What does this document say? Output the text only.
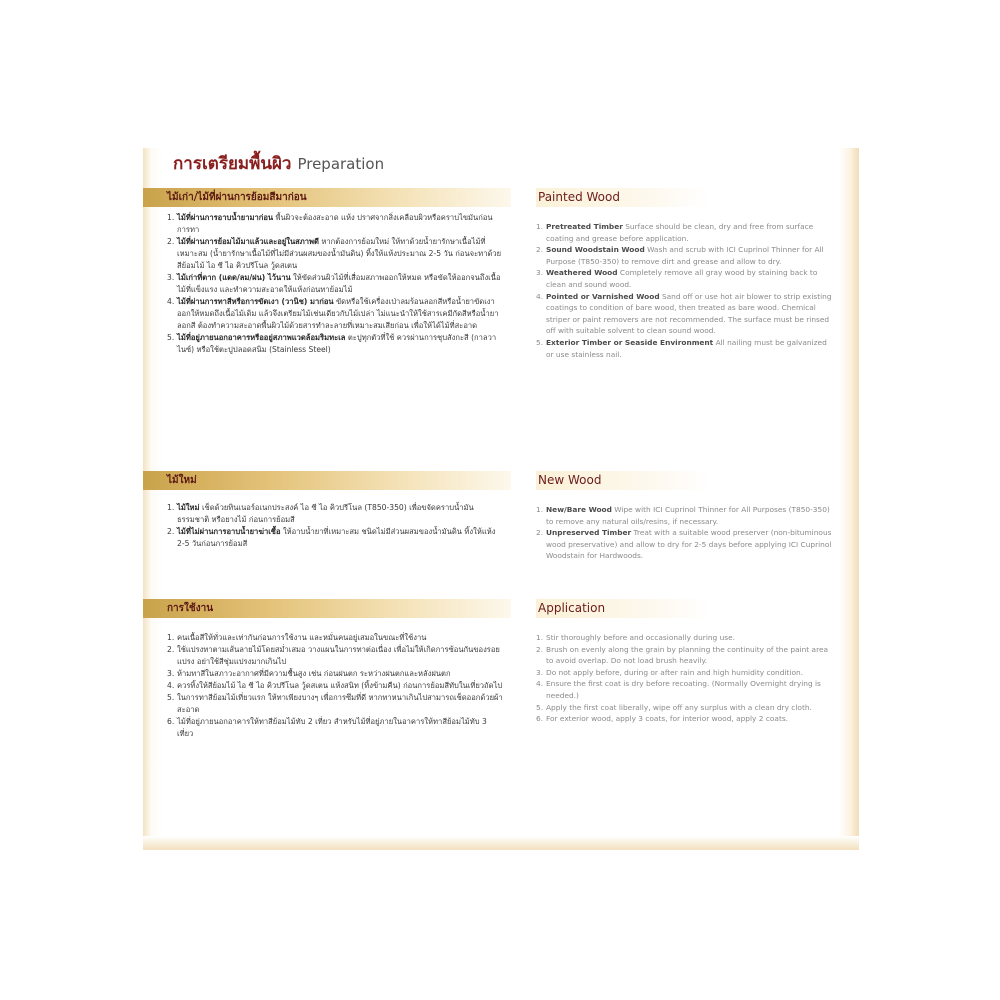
การเตรียมพื้นผิว Preparation
ไม้เก่า/ไม้ที่ผ่านการย้อมสีมาก่อน	Painted Wood
1. ไม้ที่ผ่านการอาบน้ำยามาก่อน พื้นผิวจะต้องสะอาด แห้ง ปราศจากสิ่งเคลือบผิวหรือคราบไขมันก่อนการทา
2. ไม้ที่ผ่านการย้อมไม้มาแล้วและอยู่ในสภาพดี หากต้องการย้อมใหม่ ให้ทาด้วยน้ำยารักษาเนื้อไม้ที่เหมาะสม (น้ำยารักษาเนื้อไม้ที่ไม่มีส่วนผสมของน้ำมันดิน) ทิ้งให้แห้งประมาณ 2-5 วัน ก่อนจะทาด้วยสีย้อมไม้ ไอ ซี ไอ คิวปรีโนล วู้ดสเตน
3. ไม้เก่าที่ตาก (แดด/ลม/ฝน) ไว้นาน ให้ขัดส่วนผิวไม้ที่เสื่อมสภาพออกให้หมด หรือขัดให้ออกจนถึงเนื้อไม้ที่แข็งแรง และทำความสะอาดให้แห้งก่อนทาย้อมไม้
4. ไม้ที่ผ่านการทาสีหรือการขัดเงา (วานิช) มาก่อน ขัดหรือใช้เครื่องเป่าลมร้อนลอกสีหรือน้ำยาขัดเงาออกให้หมดถึงเนื้อไม้เดิม แล้วจึงเตรียมไม้เช่นเดียวกับไม้เปล่า ไม่แนะนำให้ใช้สารเคมีกัดสีหรือน้ำยาลอกสี ต้องทำความสะอาดพื้นผิวไม้ด้วยสารทำละลายที่เหมาะสมเสียก่อน เพื่อให้ได้ไม้ที่สะอาด
5. ไม้ที่อยู่ภายนอกอาคารหรืออยู่สภาพแวดล้อมริมทะเล ตะปูทุกตัวที่ใช้ ควรผ่านการชุบสังกะสี (กาลวาไนซ์) หรือใช้ตะปูปลอดสนิม (Stainless Steel)
1. Pretreated Timber Surface should be clean, dry and free from surface coating and grease before application.
2. Sound Woodstain Wood Wash and scrub with ICI Cuprinol Thinner for All Purpose (T850-350) to remove dirt and grease and allow to dry.
3. Weathered Wood Completely remove all gray wood by staining back to clean and sound wood.
4. Pointed or Varnished Wood Sand off or use hot air blower to strip existing coatings to condition of bare wood, then treated as bare wood. Chemical striper or paint removers are not recommended. The surface must be rinsed off with suitable solvent to clean sound wood.
5. Exterior Timber or Seaside Environment All nailing must be galvanized or use stainless nail.
ไม้ใหม่	New Wood
1. ไม้ใหม่ เช็ดด้วยทินเนอร์อเนกประสงค์ ไอ ซี ไอ คิวปรีโนล (T850-350) เพื่อขจัดคราบน้ำมันธรรมชาติ หรือยางไม้ ก่อนการย้อมสี
2. ไม้ที่ไม่ผ่านการอาบน้ำยาฆ่าเชื้อ ให้อาบน้ำยาที่เหมาะสม ชนิดไม่มีส่วนผสมของน้ำมันดิน ทิ้งให้แห้ง 2-5 วันก่อนการย้อมสี
1. New/Bare Wood Wipe with ICI Cuprinol Thinner for All Purposes (T850-350) to remove any natural oils/resins, if necessary.
2. Unpreserved Timber Treat with a suitable wood preserver (non-bituminous wood preservative) and allow to dry for 2-5 days before applying ICI Cuprinol Woodstain for Hardwoods.
การใช้งาน	Application
1. คนเนื้อสีให้ทั่วและเท่ากันก่อนการใช้งาน และหมั่นคนอยู่เสมอในขณะที่ใช้งาน
2. ใช้แปรงทาตามเส้นลายไม้โดยสม่ำเสมอ วางแผนในการทาต่อเนื่อง เพื่อไม่ให้เกิดการซ้อนกันของรอยแปรง อย่าใช้สีชุ่มแปรงมากเกินไป
3. ห้ามทาสีในสภาวะอากาศที่มีความชื้นสูง เช่น ก่อนฝนตก ระหว่างฝนตกและหลังฝนตก
4. ควรทิ้งให้สีย้อมไม้ ไอ ซี ไอ คิวปรีโนล วู้ดสเตน แห้งสนิท (ทิ้งข้ามคืน) ก่อนการย้อมสีทับในเที่ยวถัดไป
5. ในการทาสีย้อมไม้เที่ยวแรก ให้ทาเพียงบางๆ เพื่อการซึมที่ดี หากทาหนาเกินไปสามารถเช็ดออกด้วยผ้าสะอาด
6. ไม้ที่อยู่ภายนอกอาคารให้ทาสีย้อมไม้ทับ 2 เที่ยว สำหรับไม้ที่อยู่ภายในอาคารให้ทาสีย้อมไม้ทับ 3 เที่ยว
1. Stir thoroughly before and occasionally during use.
2. Brush on evenly along the grain by planning the continuity of the paint area to avoid overlap. Do not load brush heavily.
3. Do not apply before, during or after rain and high humidity condition.
4. Ensure the first coat is dry before recoating. (Normally Overnight drying is needed.)
5. Apply the first coat liberally, wipe off any surplus with a clean dry cloth.
6. For exterior wood, apply 3 coats, for interior wood, apply 2 coats.
